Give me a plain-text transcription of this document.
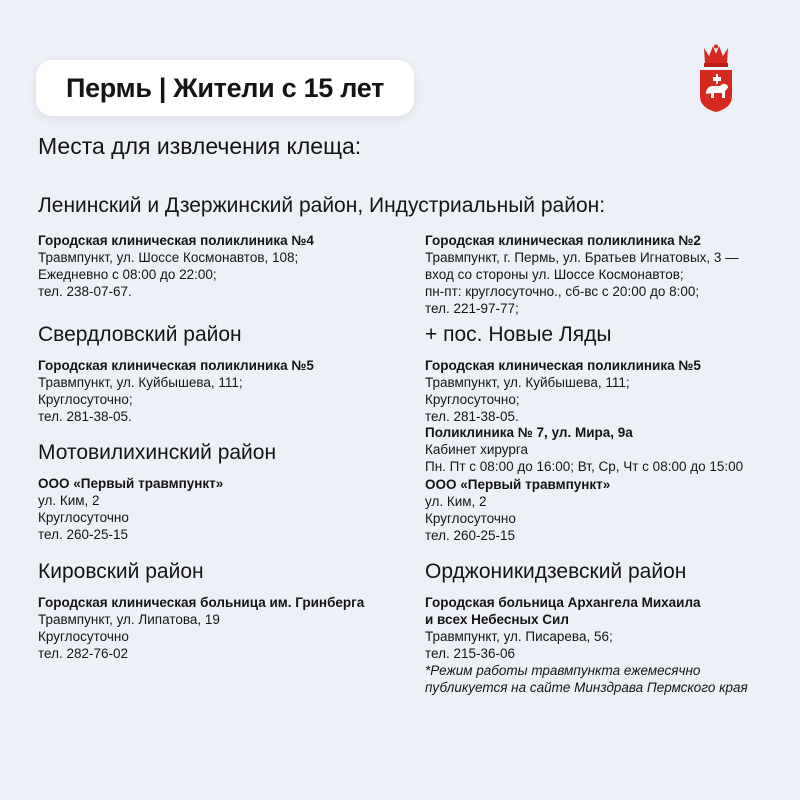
Пермь | Жители с 15 лет
Места для извлечения клеща:
Ленинский и Дзержинский район, Индустриальный район:
Городская клиническая поликлиника №4
Травмпункт, ул. Шоссе Космонавтов, 108;
Ежедневно с 08:00 до 22:00;
тел. 238-07-67.
Городская клиническая поликлиника №2
Травмпункт, г. Пермь, ул. Братьев Игнатовых, 3 —
вход со стороны ул. Шоссе Космонавтов;
пн-пт: круглосуточно., сб-вс с 20:00 до 8:00;
тел. 221-97-77;
Свердловский район	+ пос. Новые Ляды
Городская клиническая поликлиника №5
Травмпункт, ул. Куйбышева, 111;
Круглосуточно;
тел. 281-38-05.
Городская клиническая поликлиника №5
Травмпункт, ул. Куйбышева, 111;
Круглосуточно;
тел. 281-38-05.
Поликлиника № 7, ул. Мира, 9а
Кабинет хирурга
Пн. Пт с 08:00 до 16:00; Вт, Ср, Чт с 08:00 до 15:00
ООО «Первый травмпункт»
ул. Ким, 2
Круглосуточно
тел. 260-25-15
Мотовилихинский район
ООО «Первый травмпункт»
ул. Ким, 2
Круглосуточно
тел. 260-25-15
Кировский район	Орджоникидзевский район
Городская клиническая больница им. Гринберга
Травмпункт, ул. Липатова, 19
Круглосуточно
тел. 282-76-02
Городская больница Архангела Михаила
и всех Небесных Сил
Травмпункт, ул. Писарева, 56;
тел. 215-36-06
*Режим работы травмпункта ежемесячно
публикуется на сайте Минздрава Пермского края
